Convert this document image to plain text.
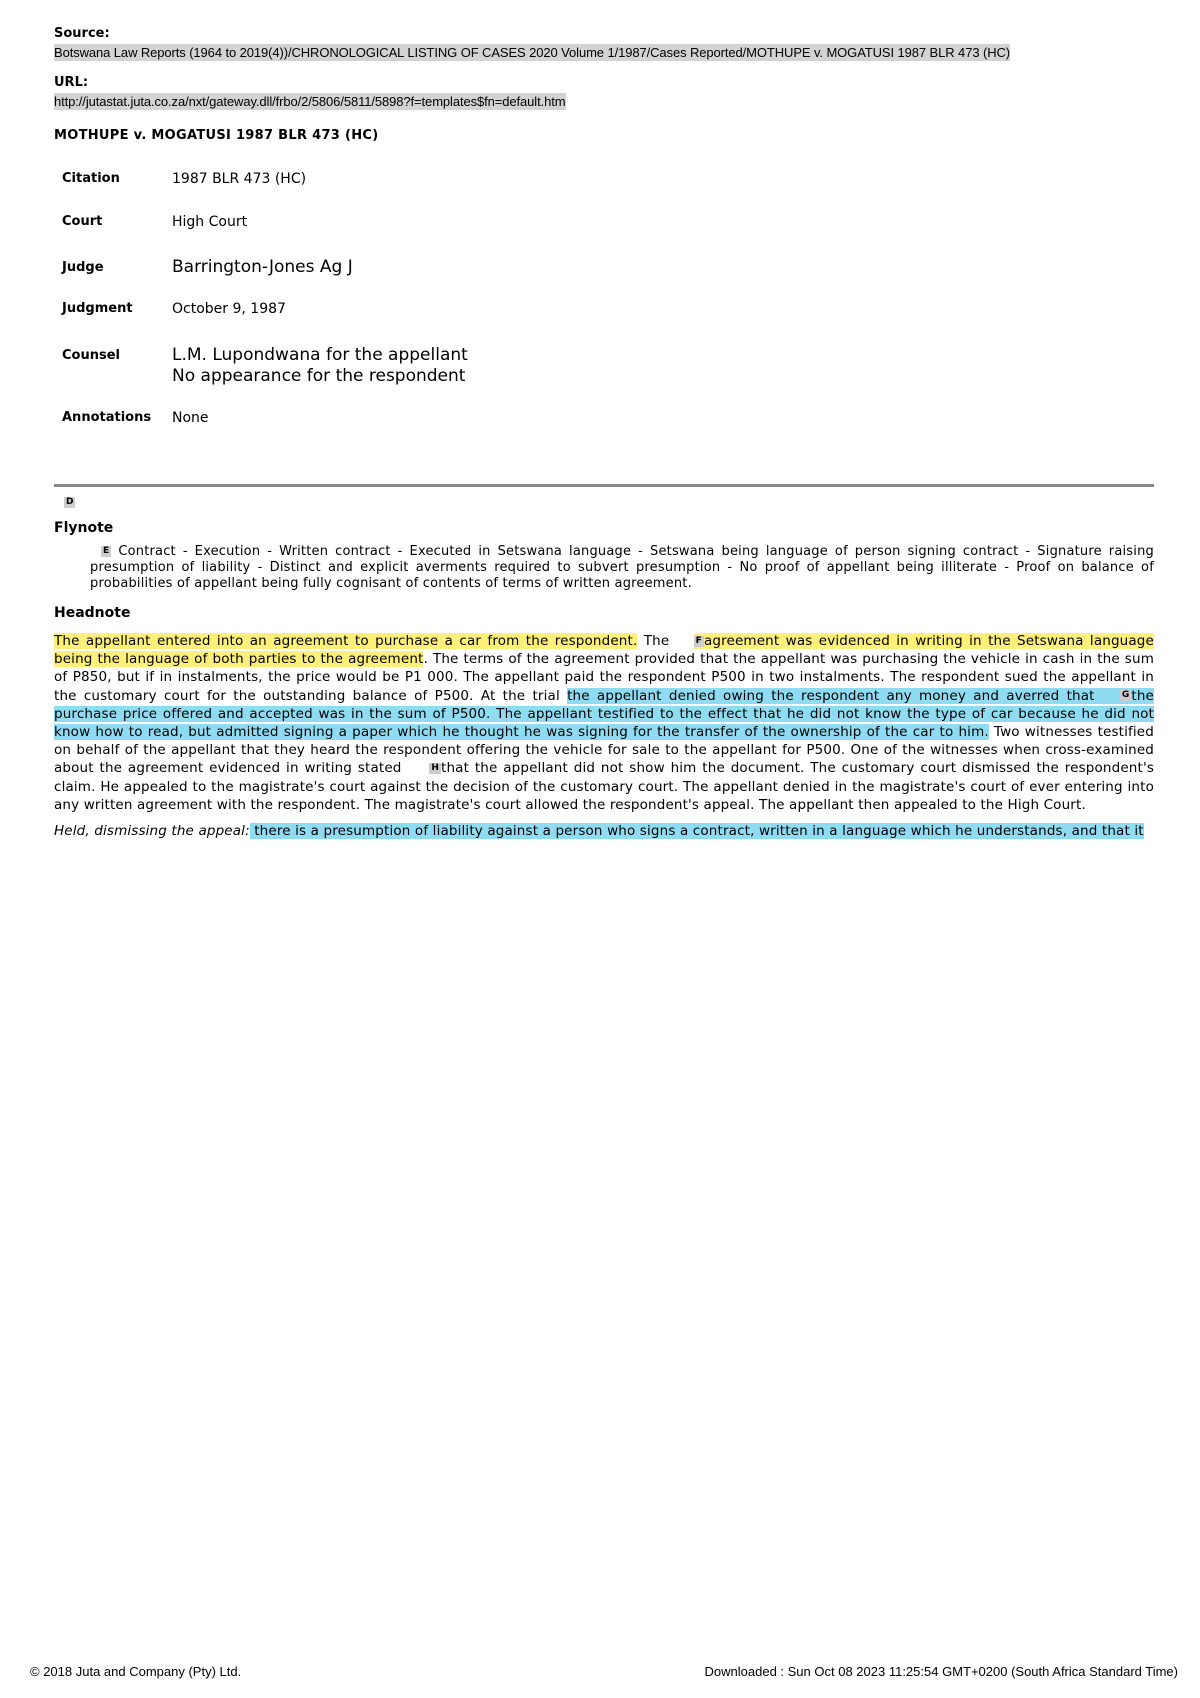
Source:
Botswana Law Reports (1964 to 2019(4))/CHRONOLOGICAL LISTING OF CASES 2020 Volume 1/1987/Cases Reported/MOTHUPE v. MOGATUSI 1987 BLR 473 (HC)
URL:
http://jutastat.juta.co.za/nxt/gateway.dll/frbo/2/5806/5811/5898?f=templates$fn=default.htm
MOTHUPE v. MOGATUSI 1987 BLR 473 (HC)
Citation	1987 BLR 473 (HC)
Court	High Court
Judge	Barrington-Jones Ag J
Judgment	October 9, 1987
Counsel	L.M. Lupondwana for the appellant
No appearance for the respondent

Annotations	None
D
Flynote
E Contract - Execution - Written contract - Executed in Setswana language - Setswana being language of person signing contract - Signature raising presumption of liability - Distinct and explicit averments required to subvert presumption - No proof of appellant being illiterate - Proof on balance of probabilities of appellant being fully cognisant of contents of terms of written agreement.
Headnote
The appellant entered into an agreement to purchase a car from the respondent. The F agreement was evidenced in writing in the Setswana language being the language of both parties to the agreement. The terms of the agreement provided that the appellant was purchasing the vehicle in cash in the sum of P850, but if in instalments, the price would be P1 000. The appellant paid the respondent P500 in two instalments. The respondent sued the appellant in the customary court for the outstanding balance of P500. At the trial the appellant denied owing the respondent any money and averred that G the purchase price offered and accepted was in the sum of P500. The appellant testified to the effect that he did not know the type of car because he did not know how to read, but admitted signing a paper which he thought he was signing for the transfer of the ownership of the car to him. Two witnesses testified on behalf of the appellant that they heard the respondent offering the vehicle for sale to the appellant for P500. One of the witnesses when cross-examined about the agreement evidenced in writing stated	H that the appellant did not show him the document. The customary court dismissed the respondent's claim. He appealed to the magistrate's court against the decision of the customary court. The appellant denied in the magistrate's court of ever entering into any written agreement with the respondent. The magistrate's court allowed the respondent's appeal. The appellant then appealed to the High Court.
Held, dismissing the appeal: there is a presumption of liability against a person who signs a contract, written in a language which he understands, and that it
© 2018 Juta and Company (Pty) Ltd.	Downloaded : Sun Oct 08 2023 11:25:54 GMT+0200 (South Africa Standard Time)
